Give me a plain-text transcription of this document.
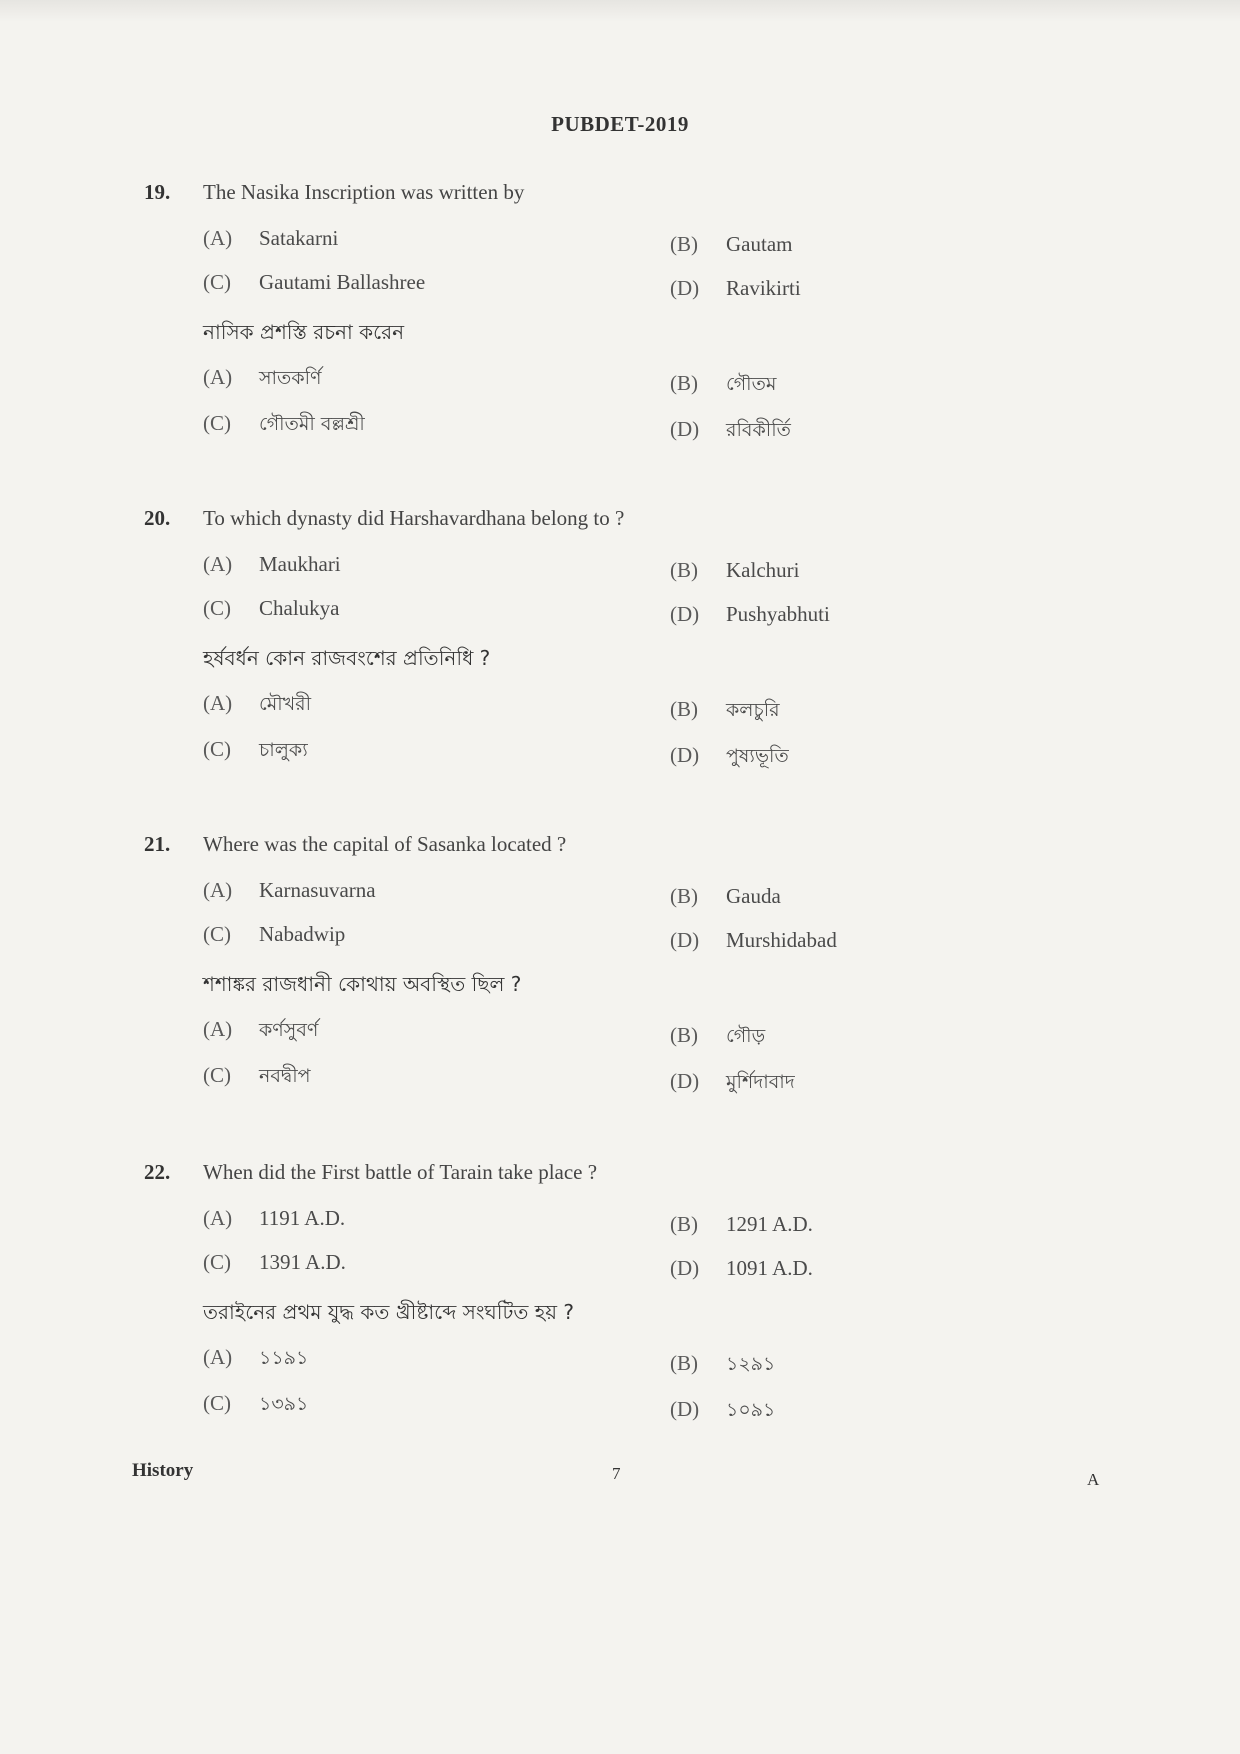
PUBDET-2019
19. The Nasika Inscription was written by
(A) Satakarni	(B) Gautam
(C) Gautami Ballashree	(D) Ravikirti
নাসিক প্রশস্তি রচনা করেন
(A) সাতকর্ণি	(B) গৌতম
(C) গৌতমী বল্লশ্রী	(D) রবিকীর্তি
20. To which dynasty did Harshavardhana belong to ?
(A) Maukhari	(B) Kalchuri
(C) Chalukya	(D) Pushyabhuti
হর্ষবর্ধন কোন রাজবংশের প্রতিনিধি ?
(A) মৌখরী	(B) কলচুরি
(C) চালুক্য	(D) পুষ্যভূতি
21. Where was the capital of Sasanka located ?
(A) Karnasuvarna	(B) Gauda
(C) Nabadwip	(D) Murshidabad
শশাঙ্কর রাজধানী কোথায় অবস্থিত ছিল ?
(A) কর্ণসুবর্ণ	(B) গৌড়
(C) নবদ্বীপ	(D) মুর্শিদাবাদ
22. When did the First battle of Tarain take place ?
(A) 1191 A.D.	(B) 1291 A.D.
(C) 1391 A.D.	(D) 1091 A.D.
তরাইনের প্রথম যুদ্ধ কত খ্রীষ্টাব্দে সংঘটিত হয় ?
(A) ১১৯১	(B) ১২৯১
(C) ১৩৯১	(D) ১০৯১
History	7	A
